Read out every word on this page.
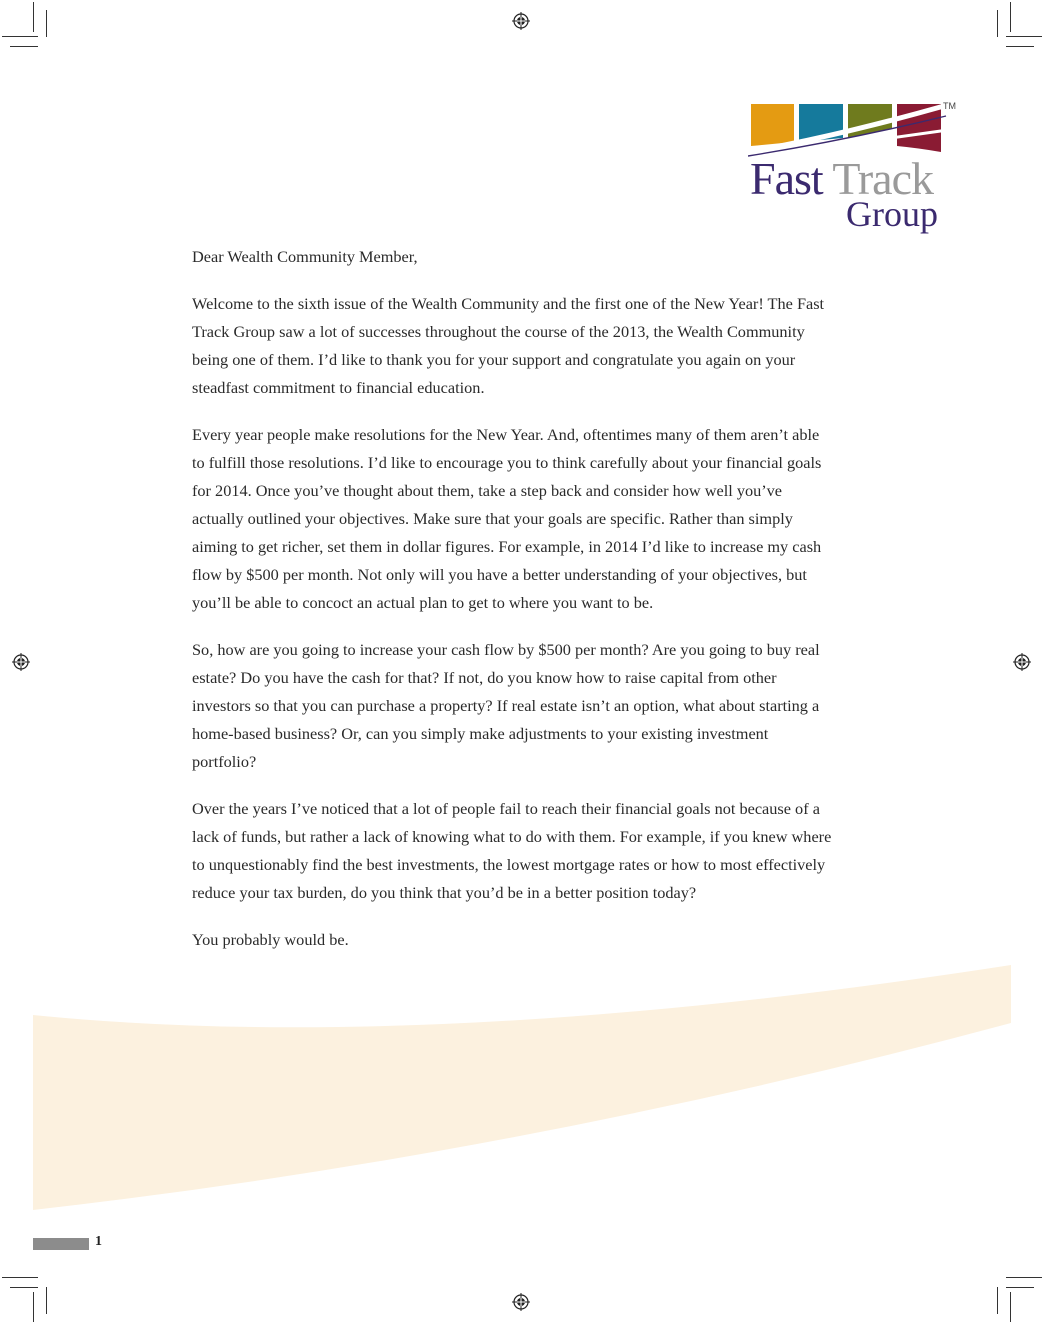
TM
Fast Track
Group

Dear Wealth Community Member,

Welcome to the sixth issue of the Wealth Community and the first one of the New Year! The Fast Track Group saw a lot of successes throughout the course of the 2013, the Wealth Community being one of them. I’d like to thank you for your support and congratulate you again on your steadfast commitment to financial education.

Every year people make resolutions for the New Year. And, oftentimes many of them aren’t able to fulfill those resolutions. I’d like to encourage you to think carefully about your financial goals for 2014. Once you’ve thought about them, take a step back and consider how well you’ve actually outlined your objectives. Make sure that your goals are specific. Rather than simply aiming to get richer, set them in dollar figures. For example, in 2014 I’d like to increase my cash flow by $500 per month. Not only will you have a better understanding of your objectives, but you’ll be able to concoct an actual plan to get to where you want to be.

So, how are you going to increase your cash flow by $500 per month? Are you going to buy real estate? Do you have the cash for that? If not, do you know how to raise capital from other investors so that you can purchase a property? If real estate isn’t an option, what about starting a home-based business? Or, can you simply make adjustments to your existing investment portfolio?

Over the years I’ve noticed that a lot of people fail to reach their financial goals not because of a lack of funds, but rather a lack of knowing what to do with them. For example, if you knew where to unquestionably find the best investments, the lowest mortgage rates or how to most effectively reduce your tax burden, do you think that you’d be in a better position today?

You probably would be.

1
